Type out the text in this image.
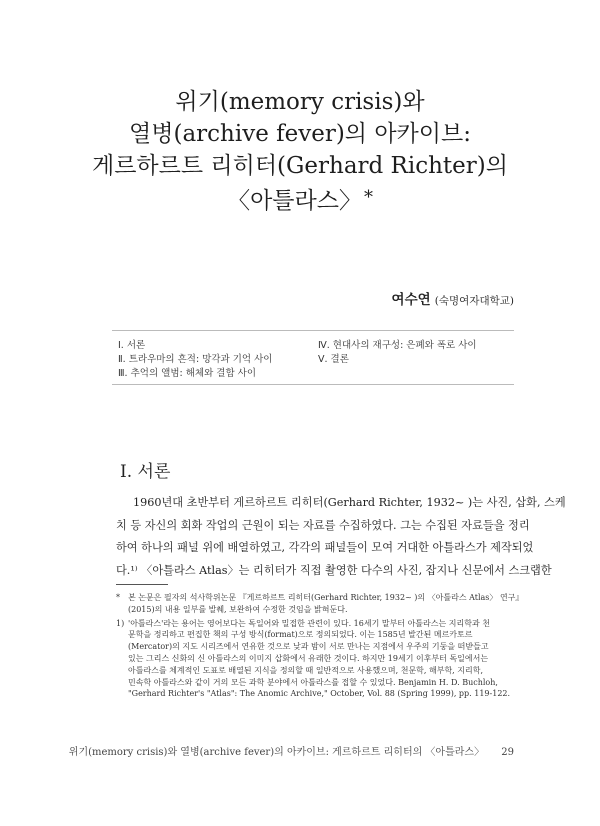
위기(memory crisis)와
열병(archive fever)의 아카이브:
게르하르트 리히터(Gerhard Richter)의
〈아틀라스〉 *
여수연 (숙명여자대학교)
Ⅰ. 서론
Ⅱ. 트라우마의 흔적: 망각과 기억 사이
Ⅲ. 추억의 앨범: 해체와 결합 사이
Ⅳ. 현대사의 재구성: 은폐와 폭로 사이
Ⅴ. 결론
Ⅰ. 서론
1960년대 초반부터 게르하르트 리히터(Gerhard Richter, 1932~ )는 사진, 삽화, 스케
치 등 자신의 회화 작업의 근원이 되는 자료를 수집하였다. 그는 수집된 자료들을 정리
하여 하나의 패널 위에 배열하였고, 각각의 패널들이 모여 거대한 아틀라스가 제작되었
다.¹⁾ 〈아틀라스 Atlas〉는 리히터가 직접 촬영한 다수의 사진, 잡지나 신문에서 스크랩한
* 본 논문은 필자의 석사학위논문 『게르하르트 리히터(Gerhard Richter, 1932~ )의 〈아틀라스 Atlas〉 연구』
(2015)의 내용 일부를 발췌, 보완하여 수정한 것임을 밝혀둔다.
1) '아틀라스'라는 용어는 영어보다는 독일어와 밀접한 관련이 있다. 16세기 말부터 아틀라스는 지리학과 천
문학을 정리하고 편집한 책의 구성 방식(format)으로 정의되었다. 이는 1585년 발간된 메르카토르
(Mercator)의 지도 시리즈에서 연유한 것으로 낮과 밤이 서로 만나는 지점에서 우주의 기둥을 떠받들고
있는 그리스 신화의 신 아틀라스의 이미지 삽화에서 유래한 것이다. 하지만 19세기 이후부터 독일에서는
아틀라스를 체계적인 도표로 배열된 지식을 정의할 때 일반적으로 사용했으며, 천문학, 해부학, 지리학,
민속학 아틀라스와 같이 거의 모든 과학 분야에서 아틀라스를 접할 수 있었다. Benjamin H. D. Buchloh,
"Gerhard Richter's "Atlas": The Anomic Archive," October, Vol. 88 (Spring 1999), pp. 119-122.
위기(memory crisis)와 열병(archive fever)의 아카이브: 게르하르트 리히터의 〈아틀라스〉 29
